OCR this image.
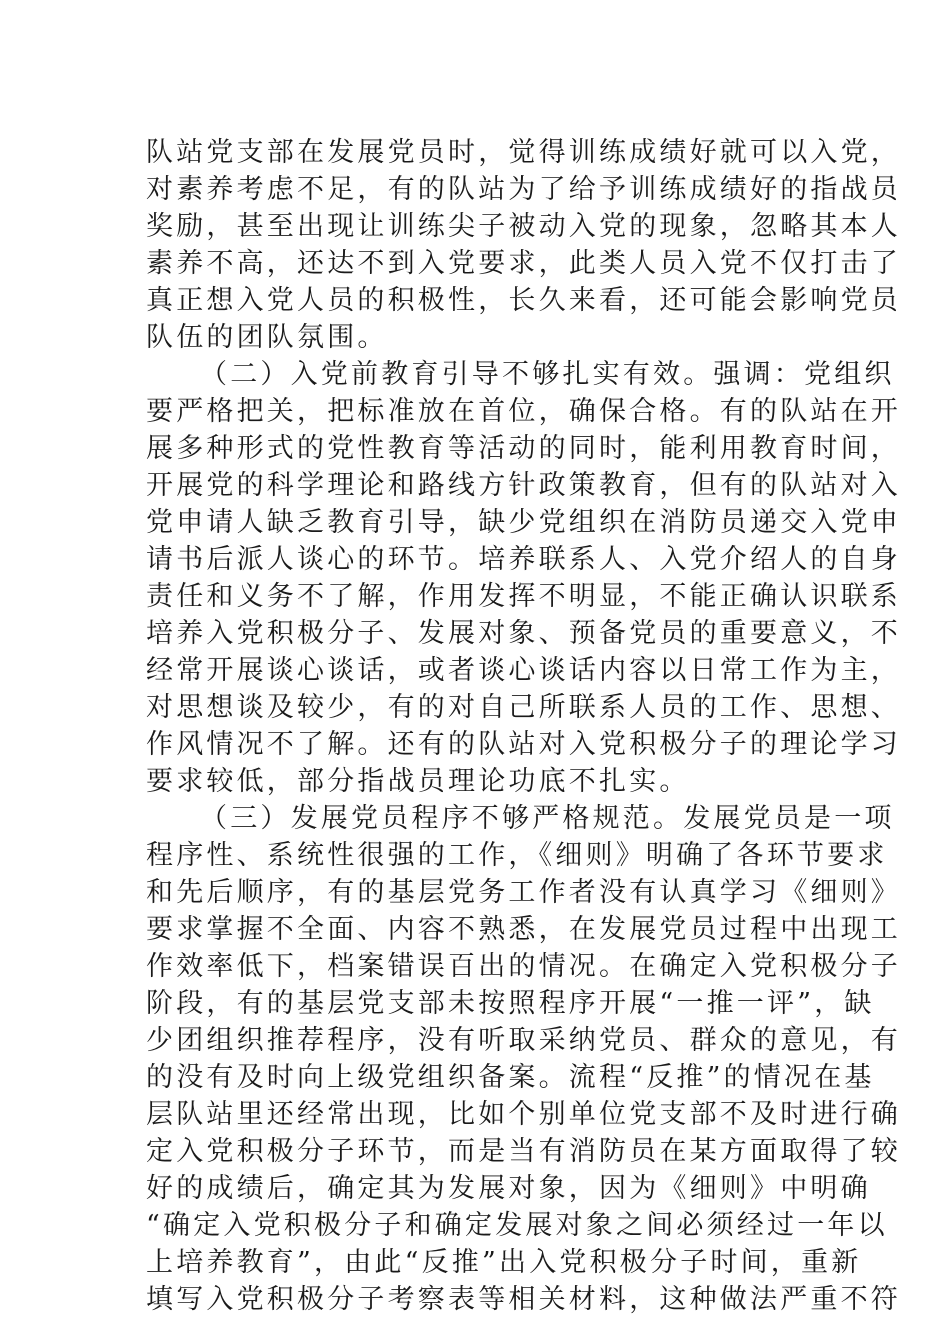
队站党支部在发展党员时，觉得训练成绩好就可以入党，
对素养考虑不足，有的队站为了给予训练成绩好的指战员
奖励，甚至出现让训练尖子被动入党的现象，忽略其本人
素养不高，还达不到入党要求，此类人员入党不仅打击了
真正想入党人员的积极性，长久来看，还可能会影响党员
队伍的团队氛围。
（二）入党前教育引导不够扎实有效。强调：党组织
要严格把关，把标准放在首位，确保合格。有的队站在开
展多种形式的党性教育等活动的同时，能利用教育时间，
开展党的科学理论和路线方针政策教育，但有的队站对入
党申请人缺乏教育引导，缺少党组织在消防员递交入党申
请书后派人谈心的环节。培养联系人、入党介绍人的自身
责任和义务不了解，作用发挥不明显，不能正确认识联系
培养入党积极分子、发展对象、预备党员的重要意义，不
经常开展谈心谈话，或者谈心谈话内容以日常工作为主，
对思想谈及较少，有的对自己所联系人员的工作、思想、
作风情况不了解。还有的队站对入党积极分子的理论学习
要求较低，部分指战员理论功底不扎实。
（三）发展党员程序不够严格规范。发展党员是一项
程序性、系统性很强的工作，《细则》明确了各环节要求
和先后顺序，有的基层党务工作者没有认真学习《细则》
要求掌握不全面、内容不熟悉，在发展党员过程中出现工
作效率低下，档案错误百出的情况。在确定入党积极分子
阶段，有的基层党支部未按照程序开展“一推一评”，缺
少团组织推荐程序，没有听取采纳党员、群众的意见，有
的没有及时向上级党组织备案。流程“反推”的情况在基
层队站里还经常出现，比如个别单位党支部不及时进行确
定入党积极分子环节，而是当有消防员在某方面取得了较
好的成绩后，确定其为发展对象，因为《细则》中明确
“确定入党积极分子和确定发展对象之间必须经过一年以
上培养教育”，由此“反推”出入党积极分子时间，重新
填写入党积极分子考察表等相关材料，这种做法严重不符
